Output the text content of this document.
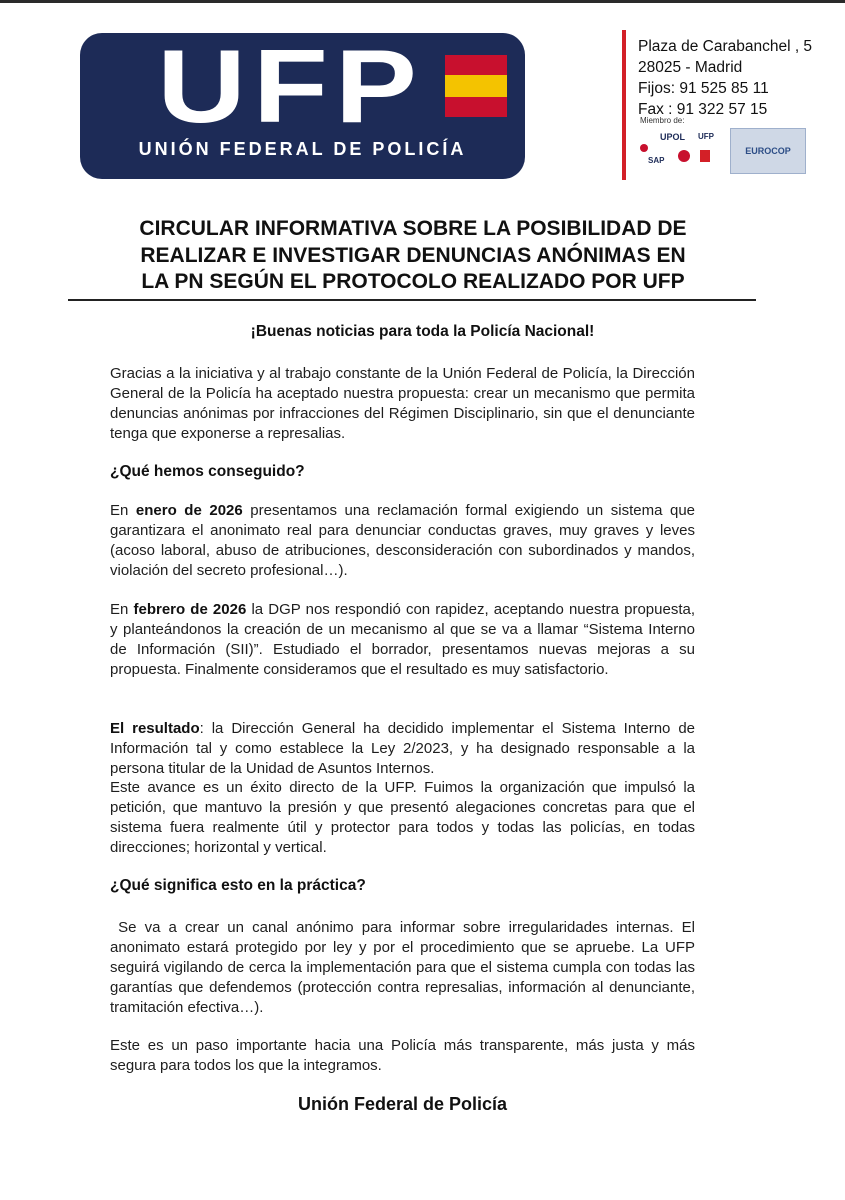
UFP
UNIÓN FEDERAL DE POLICÍA
Plaza de Carabanchel , 5
28025 - Madrid
Fijos: 91 525 85 11
Fax : 91 322 57 15
Miembro de:
UPOL UFP
SAP
EUROCOP
CIRCULAR INFORMATIVA SOBRE LA POSIBILIDAD DE
REALIZAR E INVESTIGAR DENUNCIAS ANÓNIMAS EN
LA PN SEGÚN EL PROTOCOLO REALIZADO POR UFP
¡Buenas noticias para toda la Policía Nacional!
Gracias a la iniciativa y al trabajo constante de la Unión Federal de Policía, la Dirección General de la Policía ha aceptado nuestra propuesta: crear un mecanismo que permita denuncias anónimas por infracciones del Régimen Disciplinario, sin que el denunciante tenga que exponerse a represalias.
¿Qué hemos conseguido?
En enero de 2026 presentamos una reclamación formal exigiendo un sistema que garantizara el anonimato real para denunciar conductas graves, muy graves y leves (acoso laboral, abuso de atribuciones, desconsideración con subordinados y mandos, violación del secreto profesional…).
En febrero de 2026 la DGP nos respondió con rapidez, aceptando nuestra propuesta, y planteándonos la creación de un mecanismo al que se va a llamar “Sistema Interno de Información (SII)”. Estudiado el borrador, presentamos nuevas mejoras a su propuesta. Finalmente consideramos que el resultado es muy satisfactorio.
El resultado: la Dirección General ha decidido implementar el Sistema Interno de Información tal y como establece la Ley 2/2023, y ha designado responsable a la persona titular de la Unidad de Asuntos Internos.
Este avance es un éxito directo de la UFP. Fuimos la organización que impulsó la petición, que mantuvo la presión y que presentó alegaciones concretas para que el sistema fuera realmente útil y protector para todos y todas las policías, en todas direcciones; horizontal y vertical.
¿Qué significa esto en la práctica?
Se va a crear un canal anónimo para informar sobre irregularidades internas. El anonimato estará protegido por ley y por el procedimiento que se apruebe. La UFP seguirá vigilando de cerca la implementación para que el sistema cumpla con todas las garantías que defendemos (protección contra represalias, información al denunciante, tramitación efectiva…).
Este es un paso importante hacia una Policía más transparente, más justa y más segura para todos los que la integramos.
Unión Federal de Policía
